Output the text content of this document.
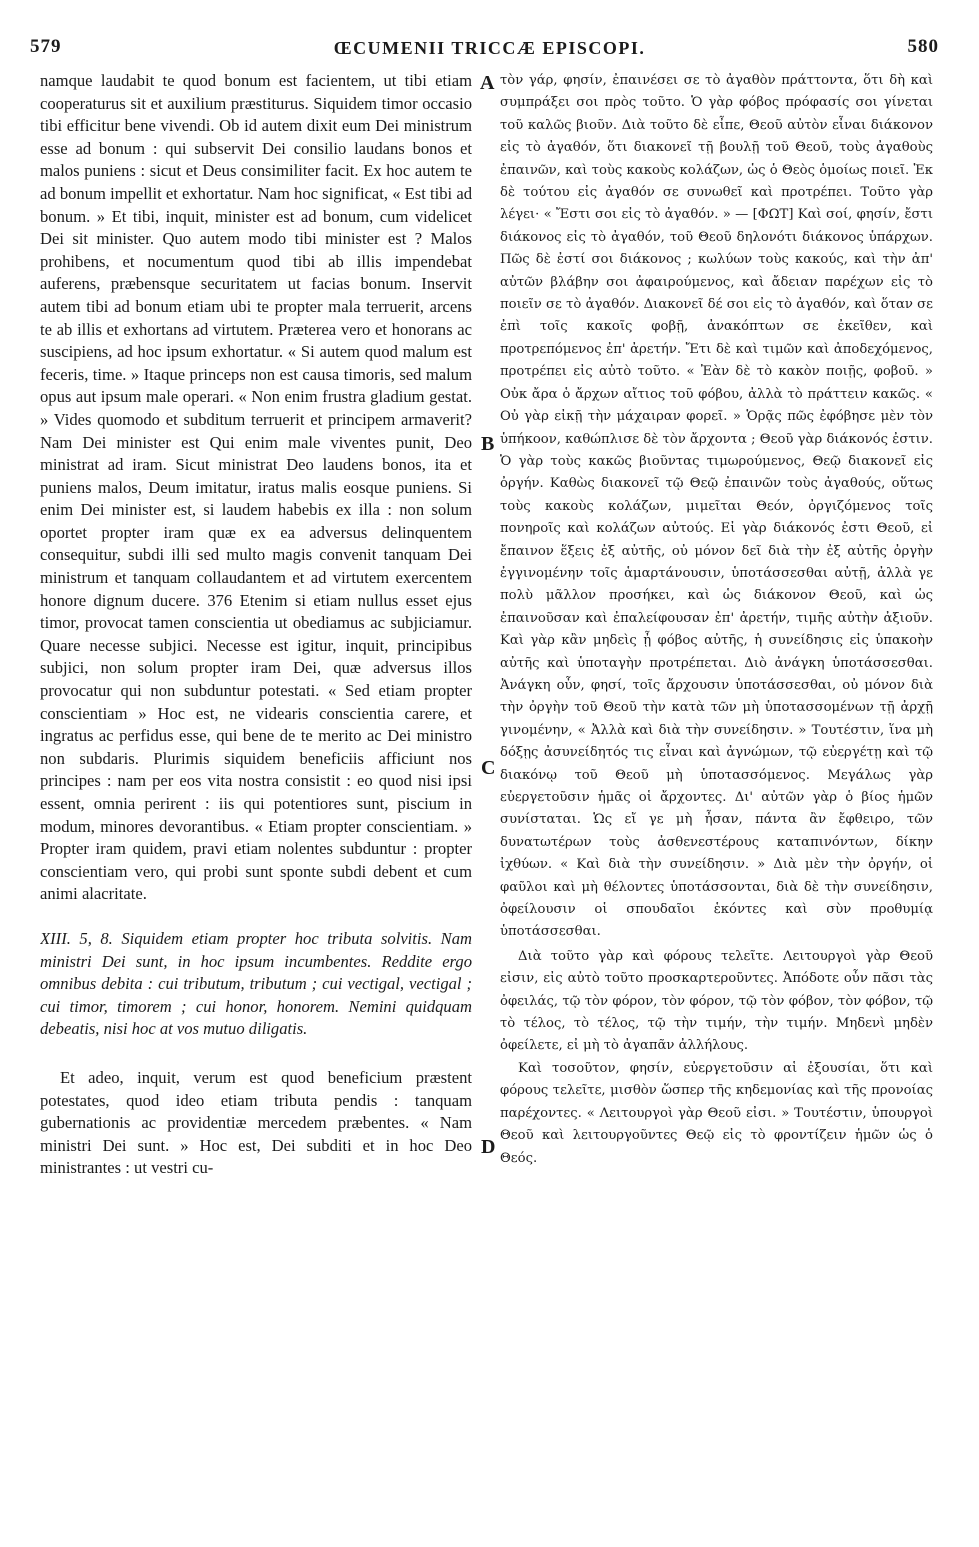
579	ŒCUMENII TRICCÆ EPISCOPI.	580

namque laudabit te quod bonum est facientem, ut tibi etiam cooperaturus sit et auxilium præstiturus. Siquidem timor occasio tibi efficitur bene vivendi. Ob id autem dixit eum Dei ministrum esse ad bonum : qui subservit Dei consilio laudans bonos et malos puniens : sicut et Deus consimiliter facit. Ex hoc autem te ad bonum impellit et exhortatur. Nam hoc significat, « Est tibi ad bonum. » Et tibi, inquit, minister est ad bonum, cum videlicet Dei sit minister. Quo autem modo tibi minister est ? Malos prohibens, et nocumentum quod tibi ab illis impendebat auferens, præbensque securitatem ut facias bonum. Inservit autem tibi ad bonum etiam ubi te propter mala terruerit, arcens te ab illis et exhortans ad virtutem. Præterea vero et honorans ac suscipiens, ad hoc ipsum exhortatur. « Si autem quod malum est feceris, time. » Itaque princeps non est causa timoris, sed malum opus aut ipsum male operari. « Non enim frustra gladium gestat. » Vides quomodo et subditum terruerit et principem armaverit? Nam Dei minister est Qui enim male viventes punit, Deo ministrat ad iram. Sicut ministrat Deo laudens bonos, ita et puniens malos, Deum imitatur, iratus malis eosque puniens. Si enim Dei minister est, si laudem habebis ex illa : non solum oportet propter iram quæ ex ea adversus delinquentem consequitur, subdi illi sed multo magis convenit tanquam Dei ministrum et tanquam collaudantem et ad virtutem exercentem honore dignum ducere. 376 Etenim si etiam nullus esset ejus timor, provocat tamen conscientia ut obediamus ac subjiciamur. Quare necesse subjici. Necesse est igitur, inquit, principibus subjici, non solum propter iram Dei, quæ adversus illos provocatur qui non subduntur potestati. « Sed etiam propter conscientiam » Hoc est, ne videaris conscientia carere, et ingratus ac perfidus esse, qui bene de te merito ac Dei ministro non subdaris. Plurimis siquidem beneficiis afficiunt nos principes : nam per eos vita nostra consistit : eo quod nisi ipsi essent, omnia perirent : iis qui potentiores sunt, piscium in modum, minores devorantibus. « Etiam propter conscientiam. » Propter iram quidem, pravi etiam nolentes subduntur : propter conscientiam vero, qui probi sunt sponte subdi debent et cum animi alacritate.

XIII. 5, 8. Siquidem etiam propter hoc tributa solvitis. Nam ministri Dei sunt, in hoc ipsum incumbentes. Reddite ergo omnibus debita : cui tributum, tributum ; cui vectigal, vectigal ; cui timor, timorem ; cui honor, honorem. Nemini quidquam debeatis, nisi hoc at vos mutuo diligatis.

Et adeo, inquit, verum est quod beneficium præstent potestates, quod ideo etiam tributa pendis : tanquam gubernationis ac providentiæ mercedem præbentes. « Nam ministri Dei sunt. » Hoc est, Dei subditi et in hoc Deo ministrantes : ut vestri cu-

A
B
C
D

τὸν γάρ, φησίν, ἐπαινέσει σε τὸ ἀγαθὸν πράττοντα, ὅτι δὴ καὶ συμπράξει σοι πρὸς τοῦτο. Ὁ γὰρ φόβος πρόφασίς σοι γίνεται τοῦ καλῶς βιοῦν. Διὰ τοῦτο δὲ εἶπε, Θεοῦ αὐτὸν εἶναι διάκονον εἰς τὸ ἀγαθόν, ὅτι διακονεῖ τῇ βουλῇ τοῦ Θεοῦ, τοὺς ἀγαθοὺς ἐπαινῶν, καὶ τοὺς κακοὺς κολάζων, ὡς ὁ Θεὸς ὁμοίως ποιεῖ. Ἐκ δὲ τούτου εἰς ἀγαθόν σε συνωθεῖ καὶ προτρέπει. Τοῦτο γὰρ λέγει· « Ἔστι σοι εἰς τὸ ἀγαθόν. » — [ΦΩΤ] Καὶ σοί, φησίν, ἔστι διάκονος εἰς τὸ ἀγαθόν, τοῦ Θεοῦ δηλονότι διάκονος ὑπάρχων. Πῶς δὲ ἐστί σοι διάκονος ; κωλύων τοὺς κακούς, καὶ τὴν ἀπ' αὐτῶν βλάβην σοι ἀφαιρούμενος, καὶ ἄδειαν παρέχων εἰς τὸ ποιεῖν σε τὸ ἀγαθόν. Διακονεῖ δέ σοι εἰς τὸ ἀγαθόν, καὶ ὅταν σε ἐπὶ τοῖς κακοῖς φοβῇ, ἀνακόπτων σε ἐκεῖθεν, καὶ προτρεπόμενος ἐπ' ἀρετήν. Ἔτι δὲ καὶ τιμῶν καὶ ἀποδεχόμενος, προτρέπει εἰς αὐτὸ τοῦτο. « Ἐὰν δὲ τὸ κακὸν ποιῇς, φοβοῦ. » Οὐκ ἄρα ὁ ἄρχων αἴτιος τοῦ φόβου, ἀλλὰ τὸ πράττειν κακῶς. « Οὐ γὰρ εἰκῇ τὴν μάχαιραν φορεῖ. » Ὁρᾷς πῶς ἐφόβησε μὲν τὸν ὑπήκοον, καθώπλισε δὲ τὸν ἄρχοντα ; Θεοῦ γὰρ διάκονός ἐστιν. Ὁ γὰρ τοὺς κακῶς βιοῦντας τιμωρούμενος, Θεῷ διακονεῖ εἰς ὀργήν. Καθὼς διακονεῖ τῷ Θεῷ ἐπαινῶν τοὺς ἀγαθούς, οὕτως τοὺς κακοὺς κολάζων, μιμεῖται Θεόν, ὀργιζόμενος τοῖς πονηροῖς καὶ κολάζων αὐτούς. Εἰ γὰρ διάκονός ἐστι Θεοῦ, εἰ ἔπαινον ἕξεις ἐξ αὐτῆς, οὐ μόνον δεῖ διὰ τὴν ἐξ αὐτῆς ὀργὴν ἐγγινομένην τοῖς ἁμαρτάνουσιν, ὑποτάσσεσθαι αὐτῇ, ἀλλὰ γε πολὺ μᾶλλον προσήκει, καὶ ὡς διάκονον Θεοῦ, καὶ ὡς ἐπαινοῦσαν καὶ ἐπαλείφουσαν ἐπ' ἀρετήν, τιμῆς αὐτὴν ἀξιοῦν. Καὶ γὰρ κἂν μηδεὶς ᾖ φόβος αὐτῆς, ἡ συνείδησις εἰς ὑπακοὴν αὐτῆς καὶ ὑποταγὴν προτρέπεται. Διὸ ἀνάγκη ὑποτάσσεσθαι. Ἀνάγκη οὖν, φησί, τοῖς ἄρχουσιν ὑποτάσσεσθαι, οὐ μόνον διὰ τὴν ὀργὴν τοῦ Θεοῦ τὴν κατὰ τῶν μὴ ὑποτασσομένων τῇ ἀρχῇ γινομένην, « Ἀλλὰ καὶ διὰ τὴν συνείδησιν. » Τουτέστιν, ἵνα μὴ δόξῃς ἀσυνείδητός τις εἶναι καὶ ἀγνώμων, τῷ εὐεργέτῃ καὶ τῷ διακόνῳ τοῦ Θεοῦ μὴ ὑποτασσόμενος. Μεγάλως γὰρ εὐεργετοῦσιν ἡμᾶς οἱ ἄρχοντες. Δι' αὐτῶν γὰρ ὁ βίος ἡμῶν συνίσταται. Ὡς εἴ γε μὴ ἦσαν, πάντα ἂν ἔφθειρο, τῶν δυνατωτέρων τοὺς ἀσθενεστέρους καταπινόντων, δίκην ἰχθύων. « Καὶ διὰ τὴν συνείδησιν. » Διὰ μὲν τὴν ὀργήν, οἱ φαῦλοι καὶ μὴ θέλοντες ὑποτάσσονται, διὰ δὲ τὴν συνείδησιν, ὀφείλουσιν οἱ σπουδαῖοι ἑκόντες καὶ σὺν προθυμίᾳ ὑποτάσσεσθαι.

Διὰ τοῦτο γὰρ καὶ φόρους τελεῖτε. Λειτουργοὶ γὰρ Θεοῦ εἰσιν, εἰς αὐτὸ τοῦτο προσκαρτεροῦντες. Ἀπόδοτε οὖν πᾶσι τὰς ὀφειλάς, τῷ τὸν φόρον, τὸν φόρον, τῷ τὸν φόβον, τὸν φόβον, τῷ τὸ τέλος, τὸ τέλος, τῷ τὴν τιμήν, τὴν τιμήν. Μηδενὶ μηδὲν ὀφείλετε, εἰ μὴ τὸ ἀγαπᾶν ἀλλήλους.

Καὶ τοσοῦτον, φησίν, εὐεργετοῦσιν αἱ ἐξουσίαι, ὅτι καὶ φόρους τελεῖτε, μισθὸν ὥσπερ τῆς κηδεμονίας καὶ τῆς προνοίας παρέχοντες. « Λειτουργοὶ γὰρ Θεοῦ εἰσι. » Τουτέστιν, ὑπουργοὶ Θεοῦ καὶ λειτουργοῦντες Θεῷ εἰς τὸ φροντίζειν ἡμῶν ὡς ὁ Θεός.
